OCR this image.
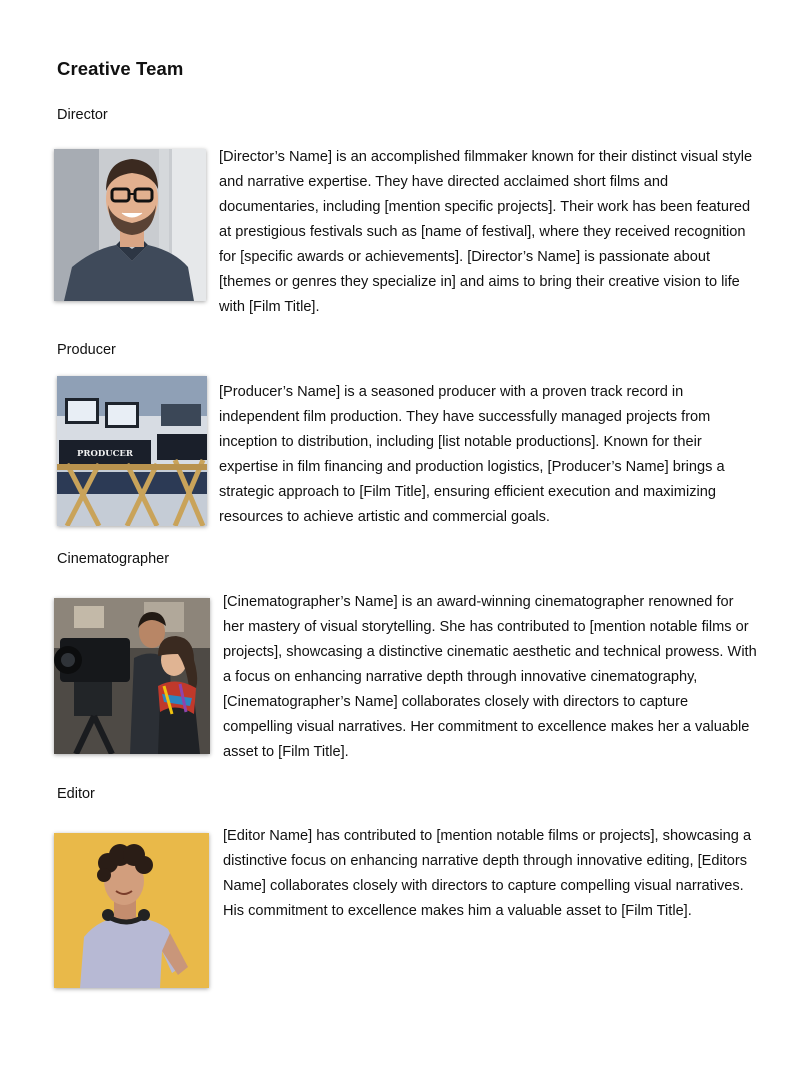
Creative Team
Director

[Director’s Name] is an accomplished filmmaker known for their distinct visual style and narrative expertise. They have directed acclaimed short films and documentaries, including [mention specific projects]. Their work has been featured at prestigious festivals such as [name of festival], where they received recognition for [specific awards or achievements]. [Director’s Name] is passionate about [themes or genres they specialize in] and aims to bring their creative vision to life with [Film Title].

Producer
PRODUCER

[Producer’s Name] is a seasoned producer with a proven track record in independent film production. They have successfully managed projects from inception to distribution, including [list notable productions]. Known for their expertise in film financing and production logistics, [Producer’s Name] brings a strategic approach to [Film Title], ensuring efficient execution and maximizing resources to achieve artistic and commercial goals.

Cinematographer

[Cinematographer’s Name] is an award-winning cinematographer renowned for her mastery of visual storytelling. She has contributed to [mention notable films or projects], showcasing a distinctive cinematic aesthetic and technical prowess. With a focus on enhancing narrative depth through innovative cinematography, [Cinematographer’s Name] collaborates closely with directors to capture compelling visual narratives. Her commitment to excellence makes her a valuable asset to [Film Title].

Editor

[Editor Name] has contributed to [mention notable films or projects], showcasing a distinctive focus on enhancing narrative depth through innovative editing, [Editors Name] collaborates closely with directors to capture compelling visual narratives. His commitment to excellence makes him a valuable asset to [Film Title].
